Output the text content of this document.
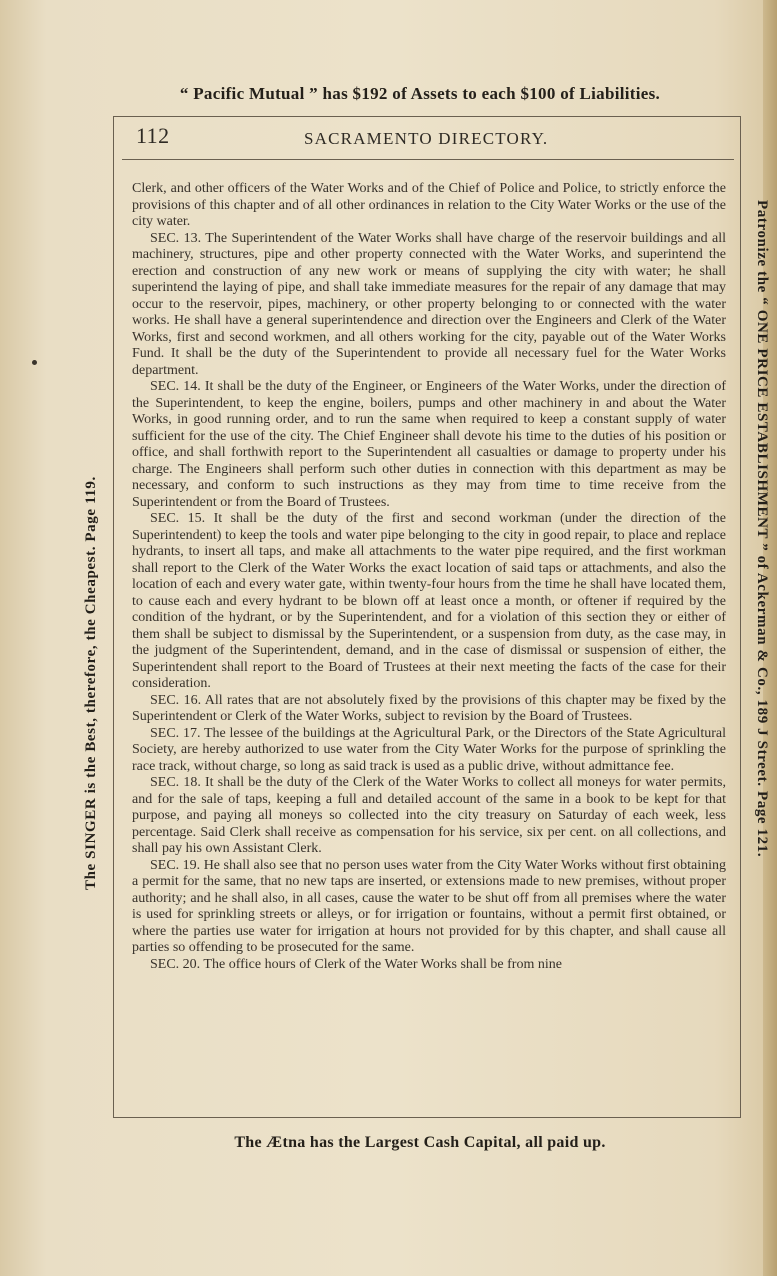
“ Pacific Mutual ” has $192 of Assets to each $100 of Liabilities.
The SINGER is the Best, therefore, the Cheapest. Page 119.	Patronize the “ ONE PRICE ESTABLISHMENT ” of Ackerman & Co., 189 J Street. Page 121.
112	SACRAMENTO DIRECTORY.

Clerk, and other officers of the Water Works and of the Chief of Police and Police, to strictly enforce the provisions of this chapter and of all other ordinances in relation to the City Water Works or the use of the city water.

SEC. 13. The Superintendent of the Water Works shall have charge of the reservoir buildings and all machinery, structures, pipe and other property connected with the Water Works, and superintend the erection and construction of any new work or means of supplying the city with water; he shall superintend the laying of pipe, and shall take immediate measures for the repair of any damage that may occur to the reservoir, pipes, machinery, or other property belonging to or connected with the water works. He shall have a general superintendence and direction over the Engineers and Clerk of the Water Works, first and second workmen, and all others working for the city, payable out of the Water Works Fund. It shall be the duty of the Superintendent to provide all necessary fuel for the Water Works department.

SEC. 14. It shall be the duty of the Engineer, or Engineers of the Water Works, under the direction of the Superintendent, to keep the engine, boilers, pumps and other machinery in and about the Water Works, in good running order, and to run the same when required to keep a constant supply of water sufficient for the use of the city. The Chief Engineer shall devote his time to the duties of his position or office, and shall forthwith report to the Superintendent all casualties or damage to property under his charge. The Engineers shall perform such other duties in connection with this department as may be necessary, and conform to such instructions as they may from time to time receive from the Superintendent or from the Board of Trustees.

SEC. 15. It shall be the duty of the first and second workman (under the direction of the Superintendent) to keep the tools and water pipe belonging to the city in good repair, to place and replace hydrants, to insert all taps, and make all attachments to the water pipe required, and the first workman shall report to the Clerk of the Water Works the exact location of said taps or attachments, and also the location of each and every water gate, within twenty-four hours from the time he shall have located them, to cause each and every hydrant to be blown off at least once a month, or oftener if required by the condition of the hydrant, or by the Superintendent, and for a violation of this section they or either of them shall be subject to dismissal by the Superintendent, or a suspension from duty, as the case may, in the judgment of the Superintendent, demand, and in the case of dismissal or suspension of either, the Superintendent shall report to the Board of Trustees at their next meeting the facts of the case for their consideration.

SEC. 16. All rates that are not absolutely fixed by the provisions of this chapter may be fixed by the Superintendent or Clerk of the Water Works, subject to revision by the Board of Trustees.

SEC. 17. The lessee of the buildings at the Agricultural Park, or the Directors of the State Agricultural Society, are hereby authorized to use water from the City Water Works for the purpose of sprinkling the race track, without charge, so long as said track is used as a public drive, without admittance fee.

SEC. 18. It shall be the duty of the Clerk of the Water Works to collect all moneys for water permits, and for the sale of taps, keeping a full and detailed account of the same in a book to be kept for that purpose, and paying all moneys so collected into the city treasury on Saturday of each week, less percentage. Said Clerk shall receive as compensation for his service, six per cent. on all collections, and shall pay his own Assistant Clerk.

SEC. 19. He shall also see that no person uses water from the City Water Works without first obtaining a permit for the same, that no new taps are inserted, or extensions made to new premises, without proper authority; and he shall also, in all cases, cause the water to be shut off from all premises where the water is used for sprinkling streets or alleys, or for irrigation or fountains, without a permit first obtained, or where the parties use water for irrigation at hours not provided for by this chapter, and shall cause all parties so offending to be prosecuted for the same.

SEC. 20. The office hours of Clerk of the Water Works shall be from nine

The Ætna has the Largest Cash Capital, all paid up.
